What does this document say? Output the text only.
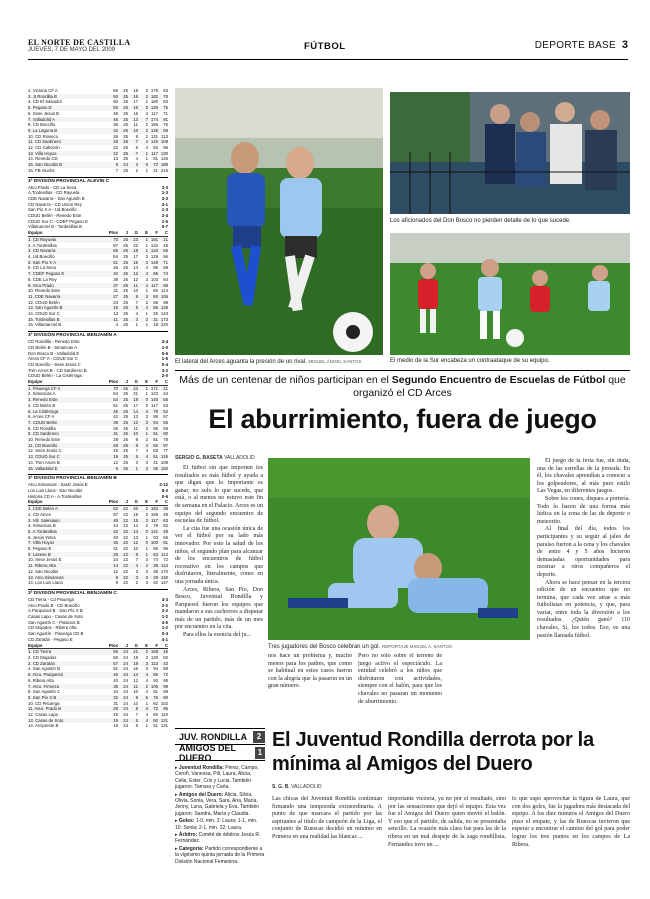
EL NORTE DE CASTILLA
JUEVES, 7 DE MAYO DEL 2009	FÚTBOL	DEPORTE BASE 3
2. Victoria CF A	56	25	19	3	176	63
3. Jr.Rondilla B	50	25	16	2	182	75
4. CD El Salvador	50	25	17	1	180	63
5. Pegaso D	50	25	16	5	125	75
6. Sese Jesus B	49	25	16	4	117	71
7. Valladolid A	46	25	13	7	174	81
8. CD Boecillo	35	25	11	2	156	76
9. La Laguna B	32	25	10	2	135	88
10. CD Rioseco	26	25	8	2	131	113
11. CD Sardinero	25	25	7	4	126	108
12. CD Cabezón	22	25	6	4	93	96
13. Villa Hoyos	22	25	7	1	117	130
14. Renedo CD	13	25	4	1	81	145
15. San Nicolás B	9	24	3	0	72	188
16. FB Aluche	7	25	2	1	21	216
3ª DIVISIÓN PROVINCIAL ALEVÍN C
Atco.Prado - CD La Seca	3-3
A.Tordesillas - CD Rayuela	1-3
CDE Navarra - San Agustín B	3-3
CD Navarra - CD Unión Rey	4-1
San Pío X A - Ud.Boecillo	1-3
CDUD Belén - Renedo Este	2-4
CDUD Sur C - CDEF Pegaso E	1-5
Villamarciel B - Tordesillas B	0-7
Equipo	Ptos	J	G	E	F	C
1. CD Rayuela	70	25	23	1	181	21
2. A.Tordesillas	67	25	22	1	132	45
3. CD Navarra	55	25	18	1	133	66
4. Ud.Boecillo	54	25	17	3	129	56
5. San Pío X A	51	25	16	3	148	71
6. CD La Seca	46	25	14	4	96	59
7. CDEF Pegaso E	40	25	12	4	85	74
8. CDE La Rey	39	25	12	3	103	84
9. Atco.Prado	37	25	11	4	117	86
10. Renedo Este	31	25	10	1	60	114
11. CDE Navarra	27	25	8	3	60	106
12. CDUD Belén	23	25	7	2	58	98
13. San Agustín B	19	25	5	4	65	128
14. CDUD Sur C	13	25	4	1	25	143
15. Tordesillas B	11	25	3	2	31	173
16. Villamarciel B	4	25	1	1	18	220
3ª DIVISIÓN PROVINCIAL BENJAMÍN A
CD Rondilla - Renedo Este	4-4
CD Belén B - Simancas A	1-0
Don Bosco B - Valladolid E	5-6
Arces CF A - CDUD Sur C	1-6
CD Boecillo - Sese Jesús C	0-4
Tren Arces B - CD Sardinero B	3-2
CDUD Belén - La Cistérniga	2-0
Equipo	Ptos	J	G	E	F	C
1. Pisuerga CF A	70	25	23	1	171	21
2. Simancas A	64	25	21	1	123	24
3. Renedo Este	54	25	18	0	140	56
4. CD Belén B	51	25	17	0	117	53
5. La Cistérniga	45	25	14	3	78	52
6. Arces CF A	42	25	13	3	89	57
7. CDUD Belén	39	25	12	3	94	65
8. CD Rondilla	36	25	11	3	86	68
9. CD Sardinero	31	25	10	1	51	90
10. Renedo Este	29	25	9	2	81	78
11. CD Boecillo	28	25	8	4	60	97
12. Sese Jesús C	25	25	7	4	53	77
13. CDUD Sur C	19	25	5	4	51	126
14. Tren Arces B	12	25	3	3	41	108
15. Valladolid E	6	25	1	3	35	192
3ª DIVISIÓN PROVINCIAL BENJAMÍN B
Atco.Simancas - Sastz Jesús E	2-12
Los Luis Llaca - San Nicolás	8-3
Historia CD A - A.Tordesillas	0-6
Equipo	Ptos	J	G	E	F	C
1. CDE Belén A	62	22	20	2	183	38
2. CD Arces	57	22	19	0	165	48
3. Vill. Salesiano	48	22	15	3	117	63
4. Simancas B	44	22	14	2	78	52
5. A.Tordesillas	42	22	14	0	121	48
6. Jesús Yetos	40	22	13	1	93	66
7. Villa Hoyos	36	22	12	0	100	81
8. Pegaso E	31	22	10	1	65	96
9. Lasese B	25	22	8	1	63	114
10. Sese Jesús E	24	22	7	3	74	72
11. Ribera Alta	14	22	4	2	35	124
12. San Nicolás	12	22	3	3	39	170
13. Atco.Simancas	9	22	3	0	29	140
14. Los Luis Llaca	9	22	2	3	40	147
3ª DIVISIÓN PROVINCIAL BENJAMÍN C
CD Tierra - Cd Pisuerga	4-3
Atco.Prado B - CD Boecillo	2-2
A.Parquesol B - San Pío X B	2-2
Casas Lapo - Casas de Soto	1-2
San Agustín C - Palacios B	4-5
CD Mojados - Ribera Alta	1-2
San Agustín - Pisuerga CD B	0-4
CD Zaratán - Pegaso E	4-1
Equipo	Ptos	J	G	E	F	C
1. CD Tierra	65	24	21	2	168	45
2. CD Mojados	60	24	19	3	130	50
3. CD Zaratán	57	24	18	3	113	43
4. San Agustín B	51	24	16	3	94	58
5. Atco. Parquesol	46	24	14	4	96	72
6. Ribera Alta	40	24	12	4	93	95
7. Atco. Firmeza	35	24	11	2	106	99
8. San Agustín C	34	24	10	4	81	88
9. San Pío X B	32	24	9	5	76	90
10. CD Pisuerga	31	24	10	1	82	102
11. Atco. Prado B	28	24	8	4	72	95
12. Casas Lapo	25	24	7	4	60	110
13. Casas de Soto	19	24	5	4	60	121
14. Arcipreste B	16	24	5	1	51	131
El lateral del Arces aguanta la presión de un rival. MIGUEL ÁNGEL SANTOS
Los aficionados del Don Bosco no pierden detalle de lo que sucede.
El medio de la Sur encabeza un contraataque de su equipo.
Más de un centenar de niños participan en el Segundo Encuentro de Escuelas de Fútbol que organizó el CD Arces
El aburrimiento, fuera de juego
SERGIO G. BASETA VALLADOLID

El fútbol sin que importen los resultados es más fútbol y ayuda a que digan que lo importante es ganar, no solo lo que sucede, que está, o al menos no estuvo este fin de semana en el Palacio. Arces es un equipo del segundo encuentro de escuelas de fútbol.

La cita fue una ocasión única de ver el fútbol por su lado más innovador. Por esto la salud de los niños, el segundo plan para alcanzar de los encuentros de fútbol recreativo en los campos que disfrutaron, literalmente, como en una jornada única.

Arces, Ribera, San Pío, Don Bosco, Juventud Rondilla y Parquesol fueron los equipos que mandaron a sus cachorros a disputar más de un partido, más de un mes por encuentro en la cita.

Para ellos la esencia del ju...

Tres jugadores del Bosco celebran un gol. REPORTAJE MIGUEL Á. SANTOS
nos hace un problema y, mucho menos para los padres, que como se habitual en estos casos fueron con la alegría que la pasaron en un gran número.
Pero no sólo sobre el terreno de juego activo el espectáculo. La entidad celebró a los niños que disfrutaron con actividades, siempre con el balón, para que los chavales no pasaran un momento de aburrimiento.

El juego de la feria fue, sin duda, una de las estrellas de la jornada. En él, los chavales aprendían a conocer a los golpeadores, al más puro estilo Las Vegas, en diferentes juegos.

Sobre los cones, dispara a portería. Todo lo hacen de una forma más lúdica en la zona de las de deporte o meteorito.

Al final del día, todos los participantes y su seguir al jaleo de paraíso fueron a la cena y los chavales de entre 4 y 5 años hicieron demasiadas oportunidades para mostrar a otros compañeros el deporte.

Ahora se hace pensar en la tercera edición de un encuentro que no termina, que cada vez atrae a más futbolistas en potencia, y que, para variar, entre toda la diversión a los resultados. ¿Quién ganó? 110 chavales, Sí, los todos. Eso, es una pasión llamada fútbol.

JUV. RONDILLA	2
AMIGOS DEL DUERO
1

▸ Juventud Rondilla: Pérez, Campo, Ceroñ, Vanessa, Pili, Laura, Alicia, Celia, Ester, Cris y Lucia. También jugaron: Tamara y Carla.

▸ Amigos del Duero: Alicia, Silvia, Olivia, Sonia, Vera, Sara, Ana, María, Jenny, Luna, Gabriela y Eva. También jugaron: Sandra, María y Claudia.

▸ Goles: 1-0, min. 2: Laura; 1-1, min. 10: Sonia; 2-1, min. 22: Laura.

▸ Árbitro: Comité de árbitros Jesús R. Fernández.

▸ Categoría: Partido correspondiente a la vigésimo quinta jornada de la Primera División Nacional Femenina.

El Juventud Rondilla derrota por la mínima al Amigos del Duero
S. G. B. VALLADOLID
Las chicas del Juventud Rondilla continúan firmando una temporada extraordinaria. A punto de que marcara el partido por las aspirantes al título de campeón de la Liga, el conjunto de Ruescas decidió un mínimo en Primera en una realidad las blancas ...
importante victoria, ya no por el resultado, sino por las sensaciones que dejó el equipo. Esta vez fue el Amigos del Duero quien movió el balón. Y eso que el partido, de salida, no se presentaba sencillo. La ocasión más clara fue para las de la ribera en un mal despeje de la zaga rondillista. Fernandez tuvo un ...
to que supo aprovechar la figura de Laura, que con dos goles, fue la jugadora más destacada del equipo. A los diez minutos el Amigos del Duero puso el empate, y las de Ruescas tuvieron que esperar a encontrar el camino del gol para poder lograr los tres puntos en los campos de La Ribera.
